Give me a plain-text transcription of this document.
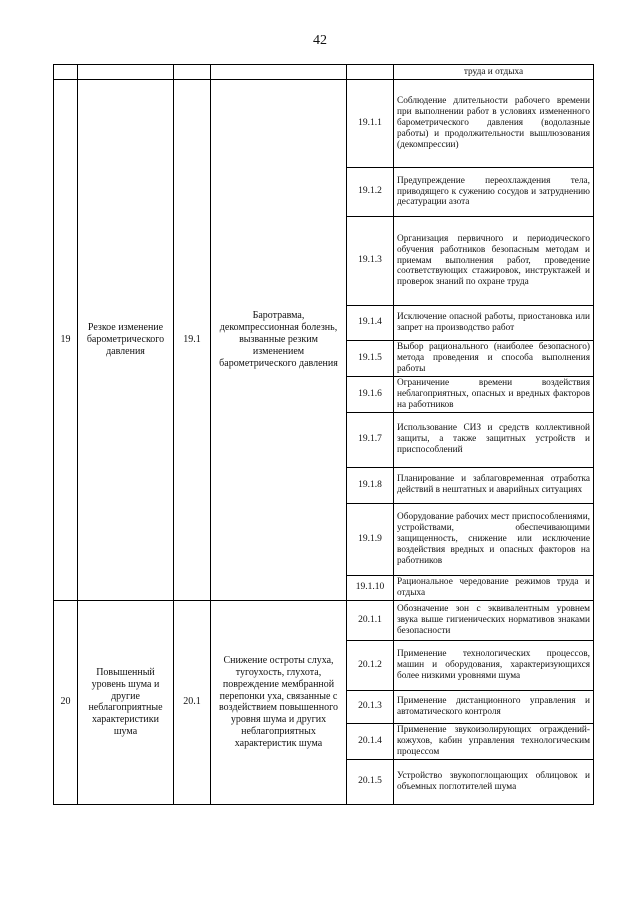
42

					труда и отдыха

19	Резкое изменение барометрического давления	19.1	Баротравма, декомпрессионная болезнь, вызванные резким изменением барометрического давления	19.1.1	Соблюдение длительности рабочего времени при выполнении работ в условиях измененного барометрического давления (водолазные работы) и продолжительности вышлюзования (декомпрессии)
				19.1.2	Предупреждение переохлаждения тела, приводящего к сужению сосудов и затруднению десатурации азота
				19.1.3	Организация первичного и периодического обучения работников безопасным методам и приемам выполнения работ, проведение соответствующих стажировок, инструктажей и проверок знаний по охране труда
				19.1.4	Исключение опасной работы, приостановка или запрет на производство работ
				19.1.5	Выбор рационального (наиболее безопасного) метода проведения и способа выполнения работы
				19.1.6	Ограничение времени воздействия неблагоприятных, опасных и вредных факторов на работников
				19.1.7	Использование СИЗ и средств коллективной защиты, а также защитных устройств и приспособлений
				19.1.8	Планирование и заблаговременная отработка действий в нештатных и аварийных ситуациях
				19.1.9	Оборудование рабочих мест приспособлениями, устройствами, обеспечивающими защищенность, снижение или исключение воздействия вредных и опасных факторов на работников
				19.1.10	Рациональное чередование режимов труда и отдыха
20	Повышенный уровень шума и другие неблагоприятные характеристики шума	20.1	Снижение остроты слуха, тугоухость, глухота, повреждение мембранной перепонки уха, связанные с воздействием повышенного уровня шума и других неблагоприятных характеристик шума	20.1.1	Обозначение зон с эквивалентным уровнем звука выше гигиенических нормативов знаками безопасности
				20.1.2	Применение технологических процессов, машин и оборудования, характеризующихся более низкими уровнями шума
				20.1.3	Применение дистанционного управления и автоматического контроля
				20.1.4	Применение звукоизолирующих ограждений-кожухов, кабин управления технологическим процессом
				20.1.5	Устройство звукопоглощающих облицовок и объемных поглотителей шума
